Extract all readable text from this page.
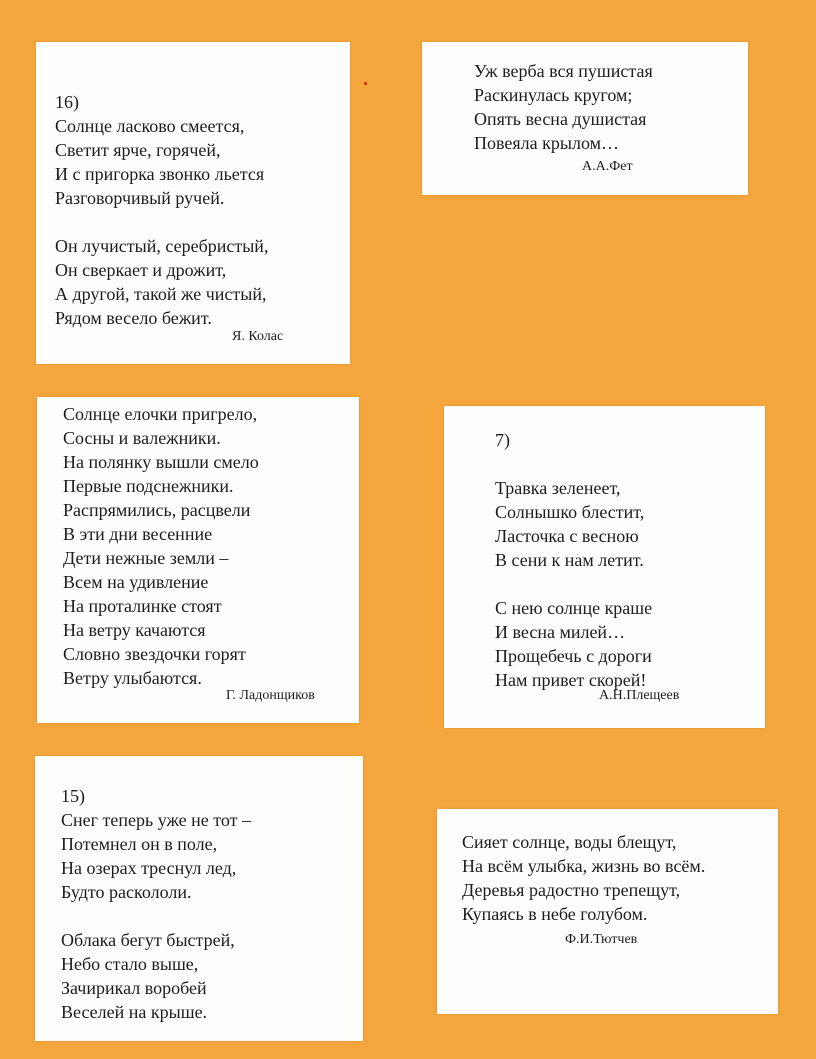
16)
Солнце ласково смеется,
Светит ярче, горячей,
И с пригорка звонко льется
Разговорчивый ручей.
Он лучистый, серебристый,
Он сверкает и дрожит,
А другой, такой же чистый,
Рядом весело бежит.
Я. Колас
Уж верба вся пушистая
Раскинулась кругом;
Опять весна душистая
Повеяла крылом…
А.А.Фет
Солнце елочки пригрело,
Сосны и валежники.
На полянку вышли смело
Первые подснежники.
Распрямились, расцвели
В эти дни весенние
Дети нежные земли –
Всем на удивление
На проталинке стоят
На ветру качаются
Словно звездочки горят
Ветру улыбаются.
Г. Ладонщиков
7)
Травка зеленеет,
Солнышко блестит,
Ласточка с весною
В сени к нам летит.
С нею солнце краше
И весна милей…
Прощебечь с дороги
Нам привет скорей!
А.Н.Плещеев
15)
Снег теперь уже не тот –
Потемнел он в поле,
На озерах треснул лед,
Будто раскололи.
Облака бегут быстрей,
Небо стало выше,
Зачирикал воробей
Веселей на крыше.
Сияет солнце, воды блещут,
На всём улыбка, жизнь во всём.
Деревья радостно трепещут,
Купаясь в небе голубом.
Ф.И.Тютчев
